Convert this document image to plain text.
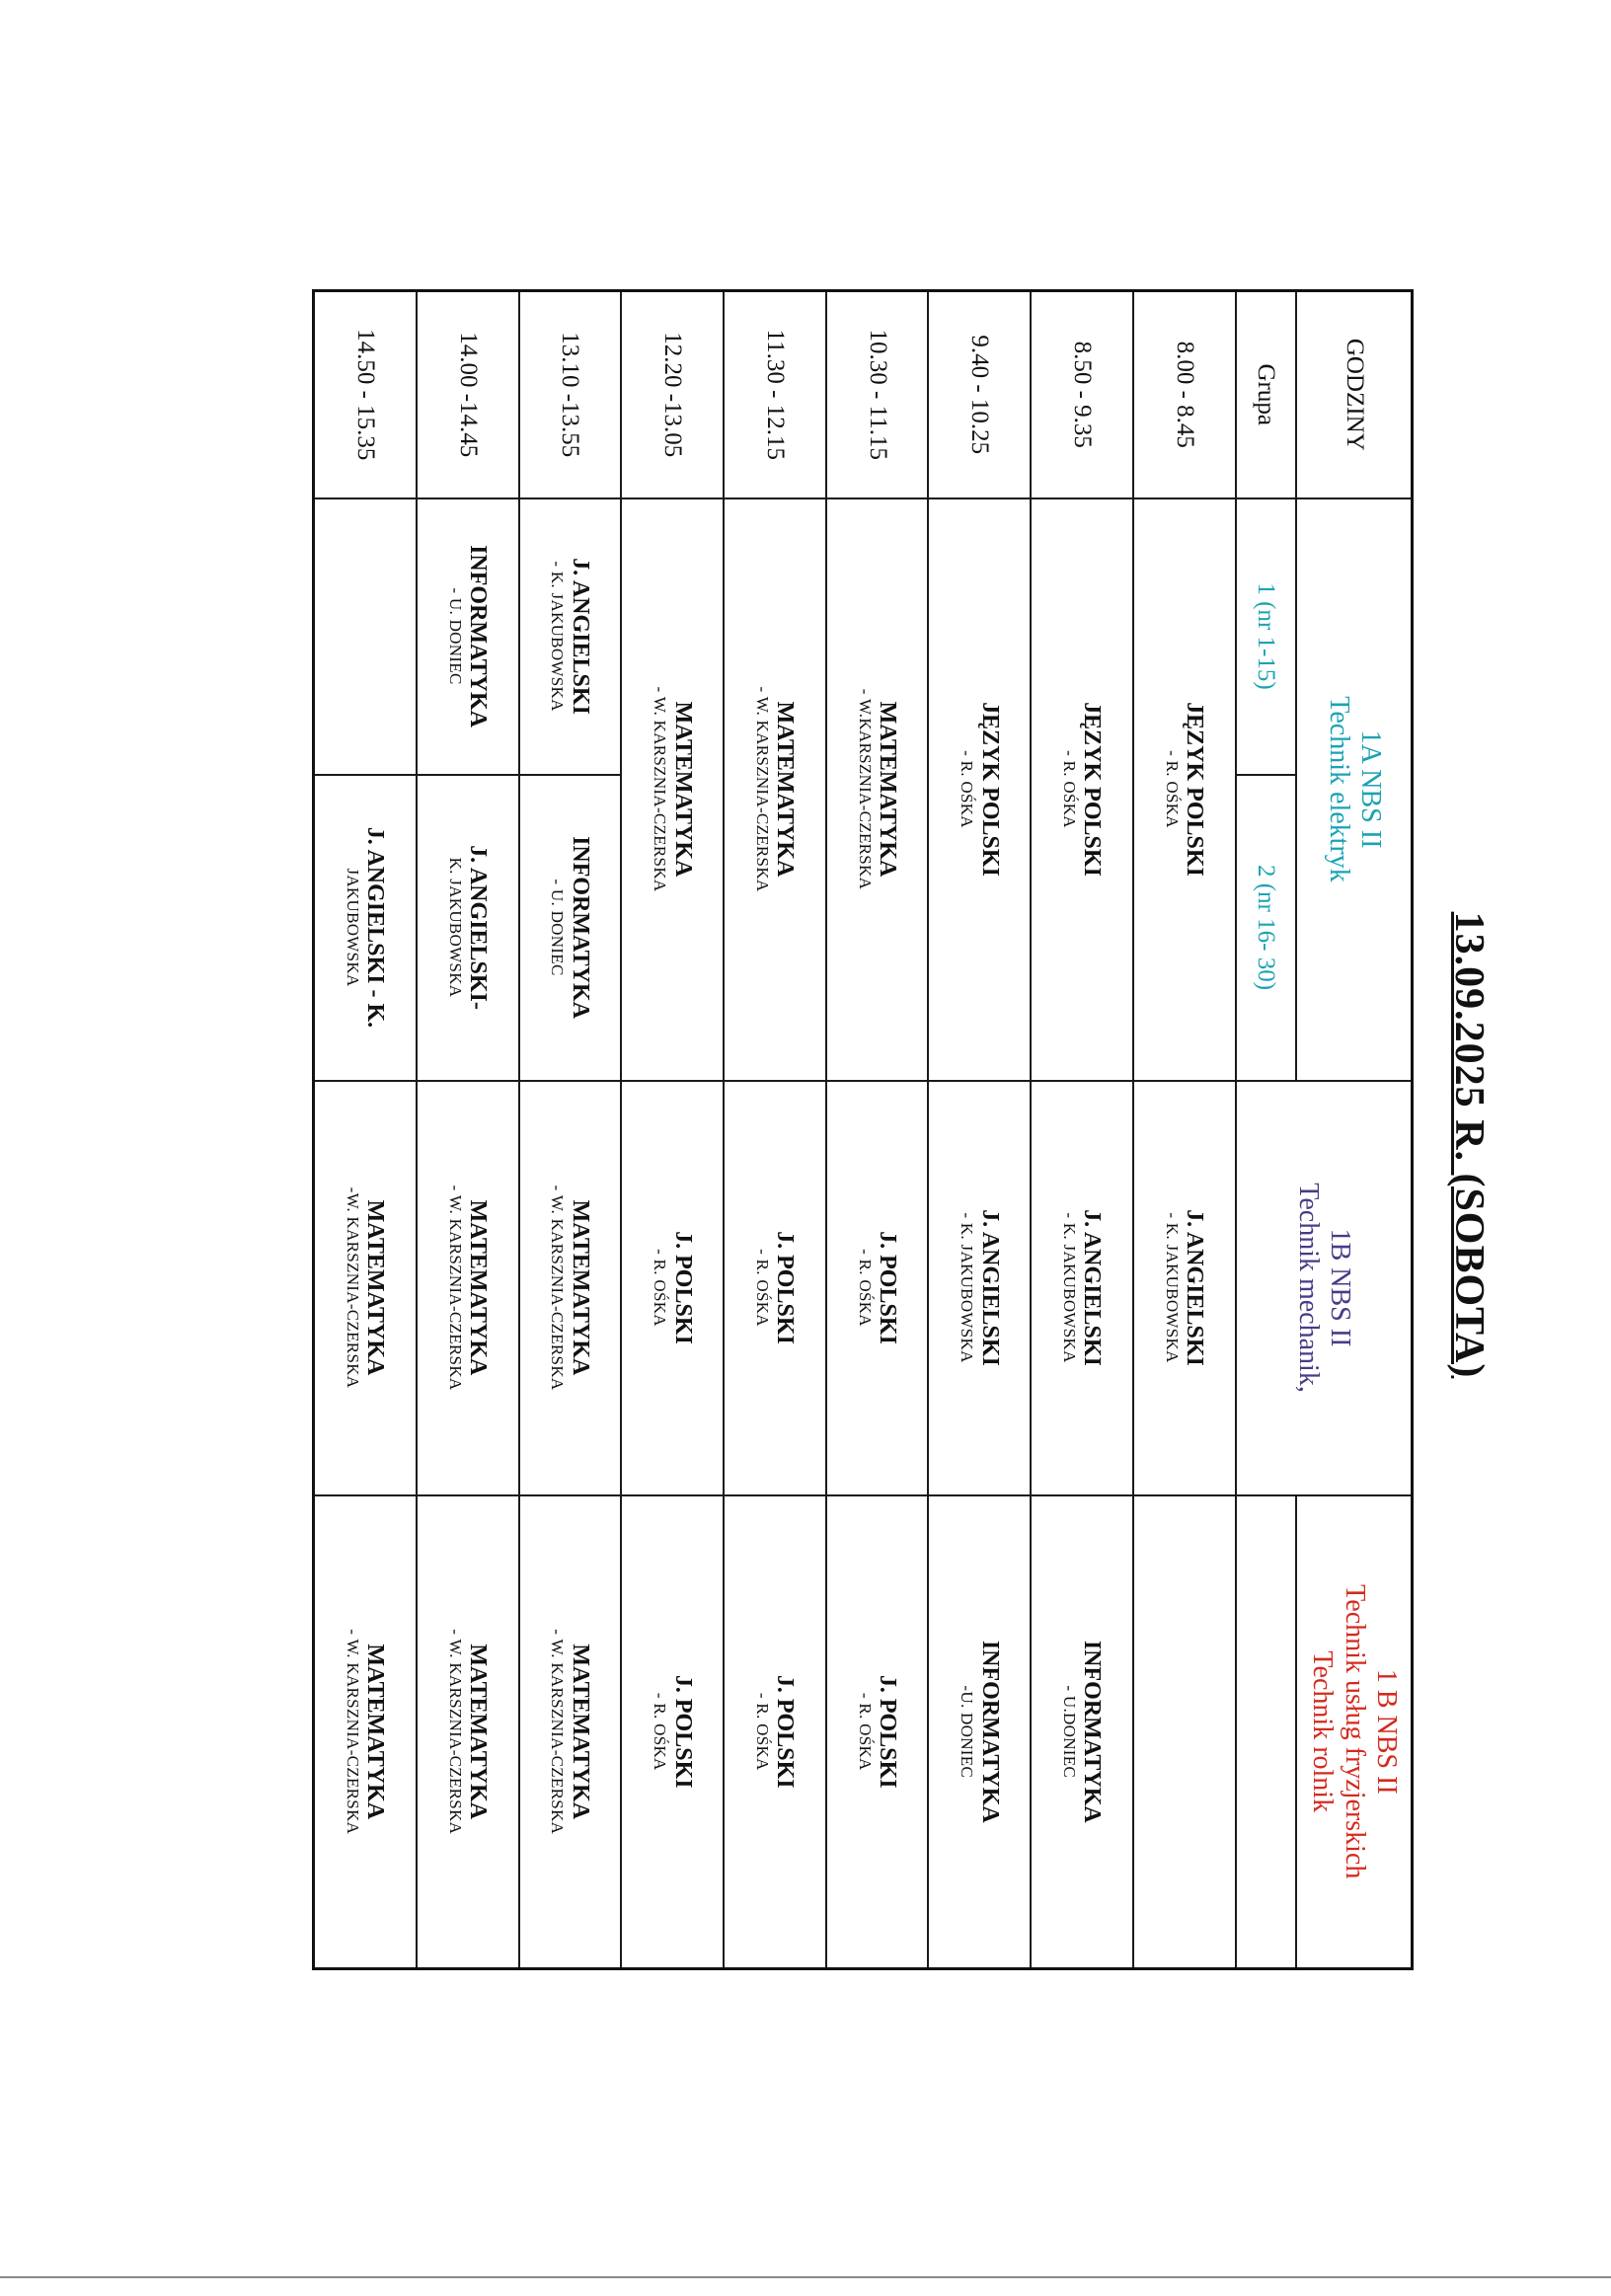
13.09.2025 R. (SOBOTA)
GODZINY	1A NBS II
Technik elektryk		1B NBS II
Technik mechanik,	1 B NBS II
Technik usług fryzjerskich
Technik rolnik
Grupa	1 (nr 1-15)	2 (nr 16- 30)		
8.00 - 8.45	JĘZYK POLSKI
- R. OŚKA		J. ANGIELSKI
- K. JAKUBOWSKA	

8.50 - 9.35	JĘZYK POLSKI
- R. OŚKA		J. ANGIELSKI
- K. JAKUBOWSKA	INFORMATYKA
- U.DONIEC

9.40 - 10.25	JĘZYK POLSKI
- R. OŚKA		J. ANGIELSKI
- K. JAKUBOWSKA	INFORMATYKA
-U. DONIEC

10.30 - 11.15	MATEMATYKA
- W.KARSZNIA-CZERSKA		J. POLSKI
- R. OŚKA	J. POLSKI
- R. OŚKA

11.30 - 12.15	MATEMATYKA
- W. KARSZNIA-CZERSKA		J. POLSKI
- R. OŚKA	J. POLSKI
- R. OŚKA

12.20 -13.05	MATEMATYKA
- W. KARSZNIA-CZERSKA		J. POLSKI
- R. OŚKA	J. POLSKI
- R. OŚKA

13.10 -13.55	J. ANGIELSKI
- K. JAKUBOWSKA	INFORMATYKA
- U. DONIEC	MATEMATYKA
- W. KARSZNIA-CZERSKA	MATEMATYKA
- W. KARSZNIA-CZERSKA

14.00 -14.45	INFORMATYKA
- U. DONIEC	J. ANGIELSKI-
K. JAKUBOWSKA	MATEMATYKA
- W. KARSZNIA-CZERSKA	MATEMATYKA
- W. KARSZNIA-CZERSKA

14.50 - 15.35		J. ANGIELSKI - K.
JAKUBOWSKA	MATEMATYKA
-W. KARSZNIA-CZERSKA	MATEMATYKA
- W. KARSZNIA-CZERSKA
